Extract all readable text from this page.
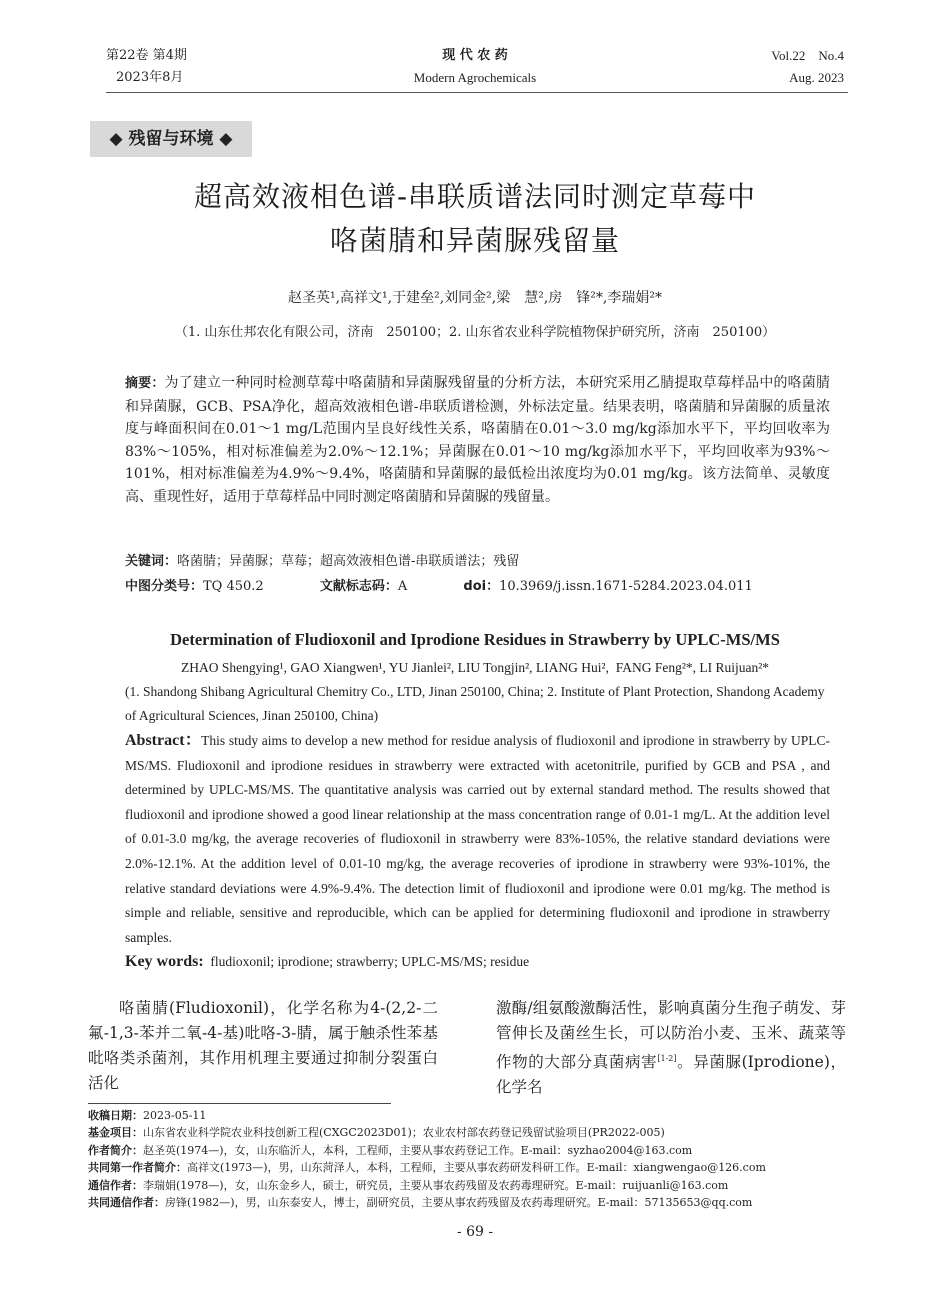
第22卷 第4期
2023年8月
现 代 农 药
Modern Agrochemicals
Vol.22    No.4
Aug. 2023
◆ 残留与环境 ◆
超高效液相色谱-串联质谱法同时测定草莓中
咯菌腈和异菌脲残留量
赵圣英¹,高祥文¹,于建垒²,刘同金²,梁　慧²,房　锋²*,李瑞娟²*
（1. 山东仕邦农化有限公司，济南　250100；2. 山东省农业科学院植物保护研究所，济南　250100）
摘要：为了建立一种同时检测草莓中咯菌腈和异菌脲残留量的分析方法，本研究采用乙腈提取草莓样品中的咯菌腈和异菌脲，GCB、PSA净化，超高效液相色谱-串联质谱检测，外标法定量。结果表明，咯菌腈和异菌脲的质量浓度与峰面积间在0.01～1 mg/L范围内呈良好线性关系，咯菌腈在0.01～3.0 mg/kg添加水平下，平均回收率为83%～105%，相对标准偏差为2.0%～12.1%；异菌脲在0.01～10 mg/kg添加水平下，平均回收率为93%～101%，相对标准偏差为4.9%～9.4%，咯菌腈和异菌脲的最低检出浓度均为0.01 mg/kg。该方法简单、灵敏度高、重现性好，适用于草莓样品中同时测定咯菌腈和异菌脲的残留量。
关键词：咯菌腈；异菌脲；草莓；超高效液相色谱-串联质谱法；残留
中图分类号：TQ 450.2	文献标志码：A	doi：10.3969/j.issn.1671-5284.2023.04.011
Determination of Fludioxonil and Iprodione Residues in Strawberry by UPLC-MS/MS
ZHAO Shengying¹, GAO Xiangwen¹, YU Jianlei², LIU Tongjin², LIANG Hui²,  FANG Feng²*, LI Ruijuan²*
(1. Shandong Shibang Agricultural Chemitry Co., LTD, Jinan 250100, China; 2. Institute of Plant Protection, Shandong Academy of Agricultural Sciences, Jinan 250100, China)
Abstract：This study aims to develop a new method for residue analysis of fludioxonil and iprodione in strawberry by UPLC-MS/MS. Fludioxonil and iprodione residues in strawberry were extracted with acetonitrile, purified by GCB and PSA , and determined by UPLC-MS/MS. The quantitative analysis was carried out by external standard method. The results showed that fludioxonil and iprodione showed a good linear relationship at the mass concentration range of 0.01-1 mg/L. At the addition level of 0.01-3.0 mg/kg, the average recoveries of fludioxonil in strawberry were 83%-105%, the relative standard deviations were 2.0%-12.1%. At the addition level of 0.01-10 mg/kg, the average recoveries of iprodione in strawberry were 93%-101%, the relative standard deviations were 4.9%-9.4%. The detection limit of fludioxonil and iprodione were 0.01 mg/kg. The method is simple and reliable, sensitive and reproducible, which can be applied for determining fludioxonil and iprodione in strawberry samples.
Key words: fludioxonil; iprodione; strawberry; UPLC-MS/MS; residue
咯菌腈(Fludioxonil)，化学名称为4-(2,2-二氟-1,3-苯并二氧-4-基)吡咯-3-腈，属于触杀性苯基吡咯类杀菌剂，其作用机理主要通过抑制分裂蛋白活化
激酶/组氨酸激酶活性，影响真菌分生孢子萌发、芽管伸长及菌丝生长，可以防治小麦、玉米、蔬菜等作物的大部分真菌病害[1-2]。异菌脲(Iprodione)，化学名
收稿日期：2023-05-11
基金项目：山东省农业科学院农业科技创新工程(CXGC2023D01)；农业农村部农药登记残留试验项目(PR2022-005)
作者简介：赵圣英(1974—)，女，山东临沂人，本科，工程师，主要从事农药登记工作。E-mail：syzhao2004@163.com
共同第一作者简介：高祥文(1973—)，男，山东菏泽人，本科，工程师，主要从事农药研发科研工作。E-mail：xiangwengao@126.com
通信作者：李瑞娟(1978—)，女，山东金乡人，硕士，研究员，主要从事农药残留及农药毒理研究。E-mail：ruijuanli@163.com
共同通信作者：房锋(1982—)，男，山东泰安人，博士，副研究员，主要从事农药残留及农药毒理研究。E-mail：57135653@qq.com
- 69 -
